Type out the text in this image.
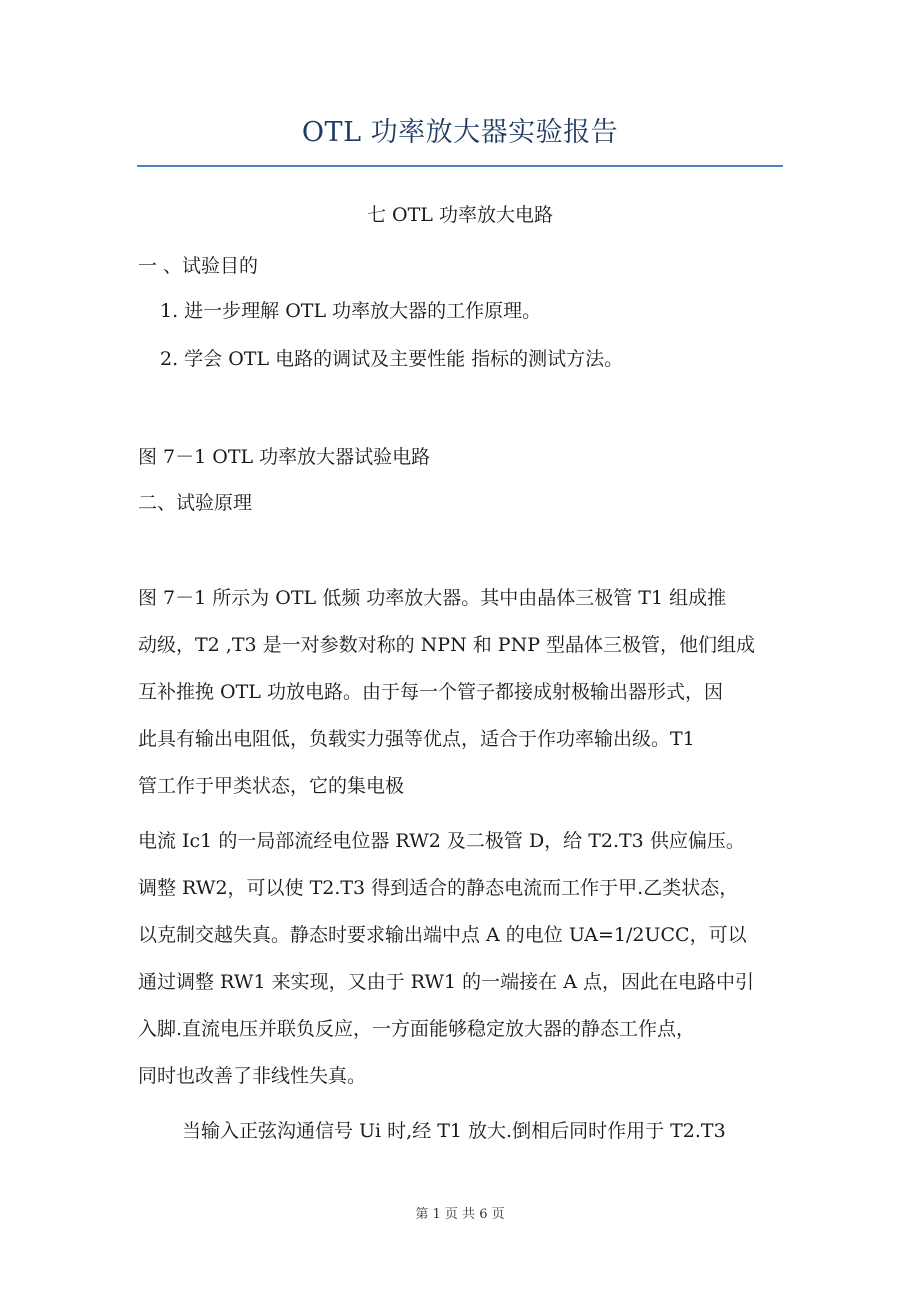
OTL 功率放大器实验报告
七 OTL 功率放大电路
一 、试验目的
1. 进一步理解 OTL 功率放大器的工作原理。
2. 学会 OTL 电路的调试及主要性能 指标的测试方法。
图 7－1 OTL 功率放大器试验电路
二、试验原理
图 7－1 所示为 OTL 低频 功率放大器。其中由晶体三极管 T1 组成推
动级，T2 ,T3 是一对参数对称的 NPN 和 PNP 型晶体三极管，他们组成
互补推挽 OTL 功放电路。由于每一个管子都接成射极输出器形式，因
此具有输出电阻低，负载实力强等优点，适合于作功率输出级。T1
管工作于甲类状态，它的集电极
电流 Ic1 的一局部流经电位器 RW2 及二极管 D，给 T2.T3 供应偏压。
调整 RW2，可以使 T2.T3 得到适合的静态电流而工作于甲.乙类状态，
以克制交越失真。静态时要求输出端中点 A 的电位 UA=1/2UCC，可以
通过调整 RW1 来实现，又由于 RW1 的一端接在 A 点，因此在电路中引
入脚.直流电压并联负反应，一方面能够稳定放大器的静态工作点，
同时也改善了非线性失真。
当输入正弦沟通信号 Ui 时,经 T1 放大.倒相后同时作用于 T2.T3
第 1 页 共 6 页
